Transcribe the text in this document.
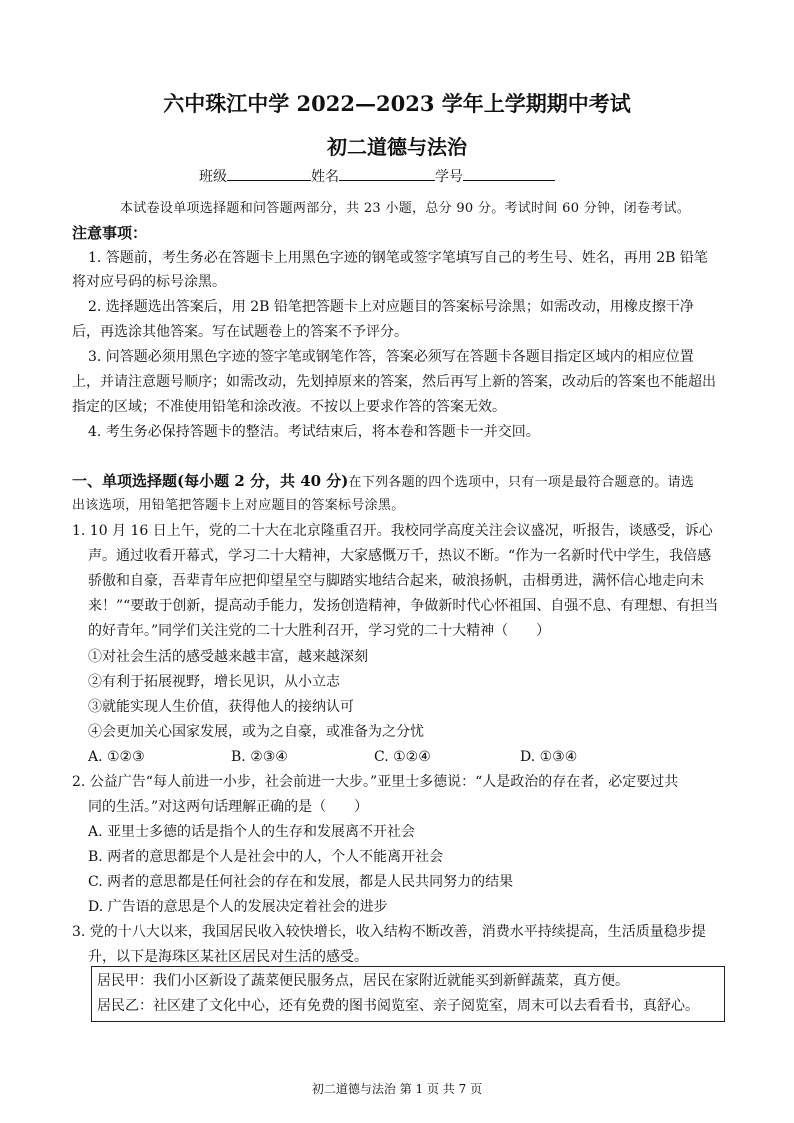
六中珠江中学 2022—2023 学年上学期期中考试
初二道德与法治
班级	姓名	学号
本试卷设单项选择题和问答题两部分，共 23 小题，总分 90 分。考试时间 60 分钟，闭卷考试。
注意事项：
1. 答题前，考生务必在答题卡上用黑色字迹的钢笔或签字笔填写自己的考生号、姓名，再用 2B 铅笔
将对应号码的标号涂黑。
2. 选择题选出答案后，用 2B 铅笔把答题卡上对应题目的答案标号涂黑；如需改动，用橡皮擦干净
后，再选涂其他答案。写在试题卷上的答案不予评分。
3. 问答题必须用黑色字迹的签字笔或钢笔作答，答案必须写在答题卡各题目指定区域内的相应位置
上，并请注意题号顺序；如需改动，先划掉原来的答案，然后再写上新的答案，改动后的答案也不能超出
指定的区域；不准使用铅笔和涂改液。不按以上要求作答的答案无效。
4. 考生务必保持答题卡的整洁。考试结束后，将本卷和答题卡一并交回。
一、单项选择题(每小题 2 分，共 40 分)在下列各题的四个选项中，只有一项是最符合题意的。请选
出该选项，用铅笔把答题卡上对应题目的答案标号涂黑。
1. 10 月 16 日上午，党的二十大在北京隆重召开。我校同学高度关注会议盛况，听报告，谈感受，诉心
声。通过收看开幕式，学习二十大精神，大家感慨万千，热议不断。“作为一名新时代中学生，我倍感
骄傲和自豪，吾辈青年应把仰望星空与脚踏实地结合起来，破浪扬帆，击楫勇进，满怀信心地走向未
来！”“要敢于创新，提高动手能力，发扬创造精神，争做新时代心怀祖国、自强不息、有理想、有担当
的好青年。”同学们关注党的二十大胜利召开，学习党的二十大精神（　　）
①对社会生活的感受越来越丰富，越来越深刻
②有利于拓展视野，增长见识，从小立志
③就能实现人生价值，获得他人的接纳认可
④会更加关心国家发展，或为之自豪，或准备为之分忧
A. ①②③	B. ②③④	C. ①②④	D. ①③④
2. 公益广告“每人前进一小步，社会前进一大步。”亚里士多德说：“人是政治的存在者，必定要过共
同的生活。”对这两句话理解正确的是（　　）
A. 亚里士多德的话是指个人的生存和发展离不开社会
B. 两者的意思都是个人是社会中的人，个人不能离开社会
C. 两者的意思都是任何社会的存在和发展，都是人民共同努力的结果
D. 广告语的意思是个人的发展决定着社会的进步
3. 党的十八大以来，我国居民收入较快增长，收入结构不断改善，消费水平持续提高，生活质量稳步提
升，以下是海珠区某社区居民对生活的感受。
居民甲：我们小区新设了蔬菜便民服务点，居民在家附近就能买到新鲜蔬菜，真方便。
居民乙：社区建了文化中心，还有免费的图书阅览室、亲子阅览室，周末可以去看看书，真舒心。
初二道德与法治 第 1 页 共 7 页
